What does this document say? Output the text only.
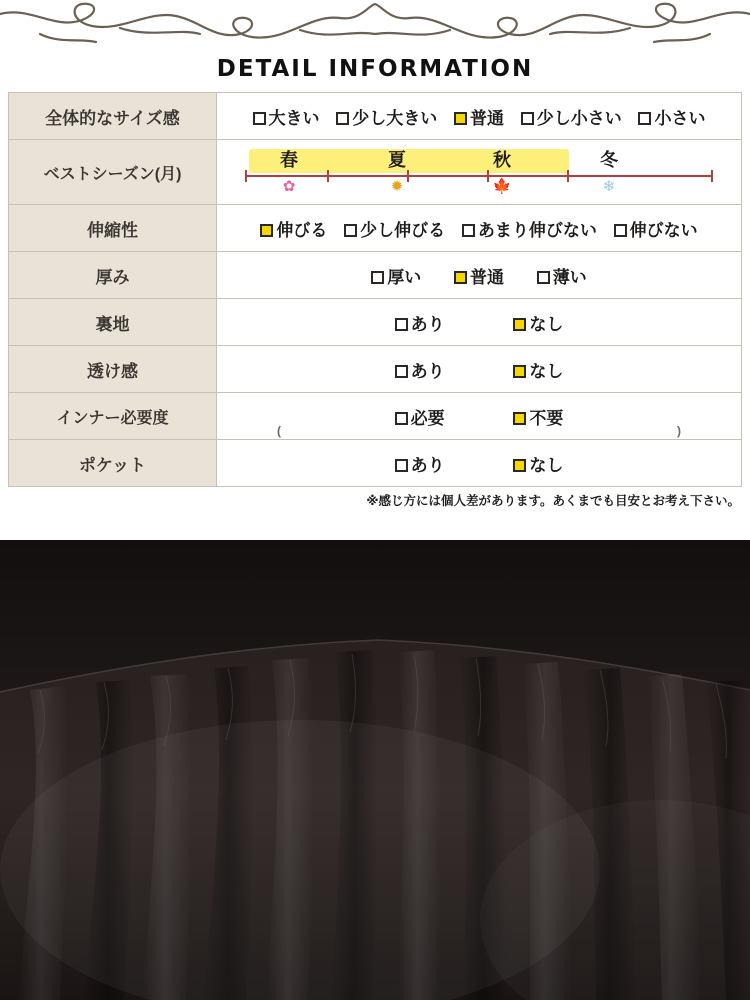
DETAIL INFORMATION
全体的なサイズ感	大きい 少し大きい 普通 少し小さい 小さい
ベストシーズン(月)	
春	夏	秋	冬
✿	✹	🍁	❄

伸縮性	伸びる 少し伸びる あまり伸びない 伸びない
厚み	厚い 普通 薄い
裏地	あり なし
透け感	あり なし
インナー必要度	必要 不要
( )

ポケット	あり なし
※感じ方には個人差があります。あくまでも目安とお考え下さい。
